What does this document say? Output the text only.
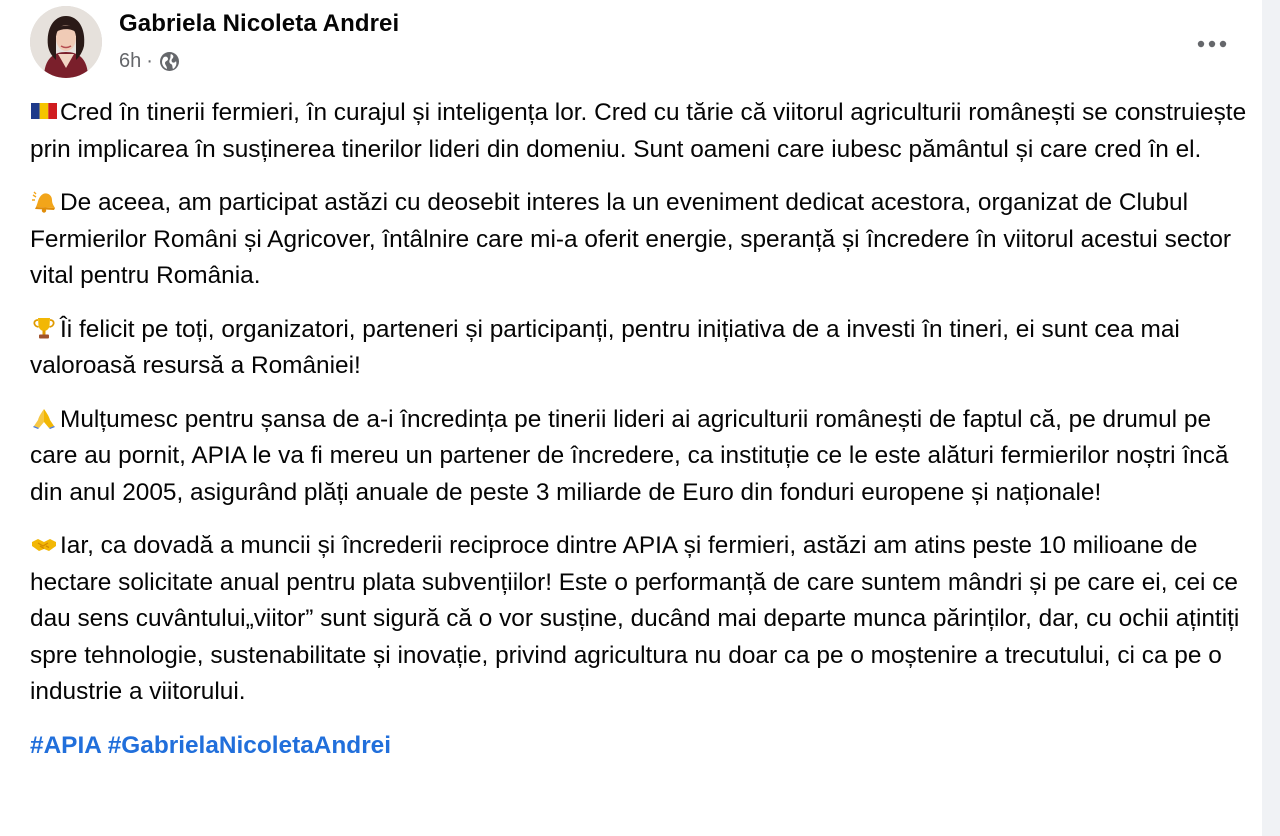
Gabriela Nicoleta Andrei
6h ·

Cred în tinerii fermieri, în curajul și inteligența lor. Cred cu tărie că viitorul agriculturii românești se construiește prin implicarea în susținerea tinerilor lideri din domeniu. Sunt oameni care iubesc pământul și care cred în el.

De aceea, am participat astăzi cu deosebit interes la un eveniment dedicat acestora, organizat de Clubul Fermierilor Români și Agricover, întâlnire care mi-a oferit energie, speranță și încredere în viitorul acestui sector vital pentru România.

Îi felicit pe toți, organizatori, parteneri și participanți, pentru inițiativa de a investi în tineri, ei sunt cea mai valoroasă resursă a României!

Mulțumesc pentru șansa de a-i încredința pe tinerii lideri ai agriculturii românești de faptul că, pe drumul pe care au pornit, APIA le va fi mereu un partener de încredere, ca instituție ce le este alături fermierilor noștri încă din anul 2005, asigurând plăți anuale de peste 3 miliarde de Euro din fonduri europene și naționale!

Iar, ca dovadă a muncii și încrederii reciproce dintre APIA și fermieri, astăzi am atins peste 10 milioane de hectare solicitate anual pentru plata subvențiilor! Este o performanță de care suntem mândri și pe care ei, cei ce dau sens cuvântului„viitor” sunt sigură că o vor susține, ducând mai departe munca părinților, dar, cu ochii ațintiți spre tehnologie, sustenabilitate și inovație, privind agricultura nu doar ca pe o moștenire a trecutului, ci ca pe o industrie a viitorului.

#APIA #GabrielaNicoletaAndrei
